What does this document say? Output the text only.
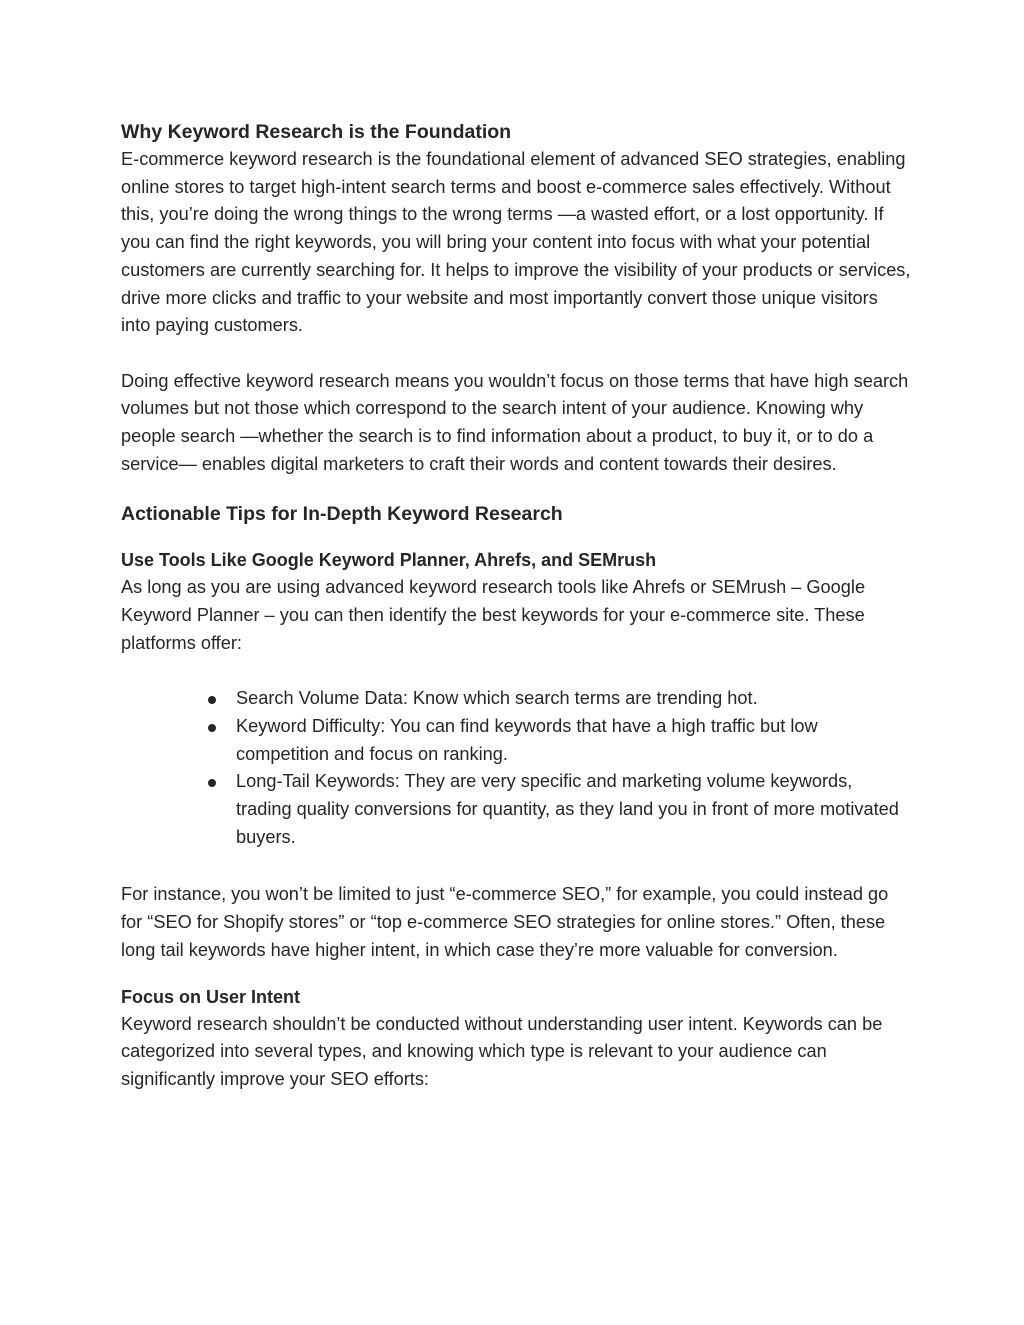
Why Keyword Research is the Foundation

E-commerce keyword research is the foundational element of advanced SEO strategies, enabling online stores to target high-intent search terms and boost e-commerce sales effectively. Without this, you’re doing the wrong things to the wrong terms —a wasted effort, or a lost opportunity. If you can find the right keywords, you will bring your content into focus with what your potential customers are currently searching for. It helps to improve the visibility of your products or services, drive more clicks and traffic to your website and most importantly convert those unique visitors into paying customers.

Doing effective keyword research means you wouldn’t focus on those terms that have high search volumes but not those which correspond to the search intent of your audience. Knowing why people search —whether the search is to find information about a product, to buy it, or to do a service— enables digital marketers to craft their words and content towards their desires.

Actionable Tips for In-Depth Keyword Research
Use Tools Like Google Keyword Planner, Ahrefs, and SEMrush

As long as you are using advanced keyword research tools like Ahrefs or SEMrush – Google Keyword Planner – you can then identify the best keywords for your e-commerce site. These platforms offer:

Search Volume Data: Know which search terms are trending hot.
Keyword Difficulty: You can find keywords that have a high traffic but low competition and focus on ranking.
Long-Tail Keywords: They are very specific and marketing volume keywords, trading quality conversions for quantity, as they land you in front of more motivated buyers.

For instance, you won’t be limited to just “e-commerce SEO,” for example, you could instead go for “SEO for Shopify stores” or “top e-commerce SEO strategies for online stores.” Often, these long tail keywords have higher intent, in which case they’re more valuable for conversion.

Focus on User Intent

Keyword research shouldn’t be conducted without understanding user intent. Keywords can be categorized into several types, and knowing which type is relevant to your audience can significantly improve your SEO efforts:
